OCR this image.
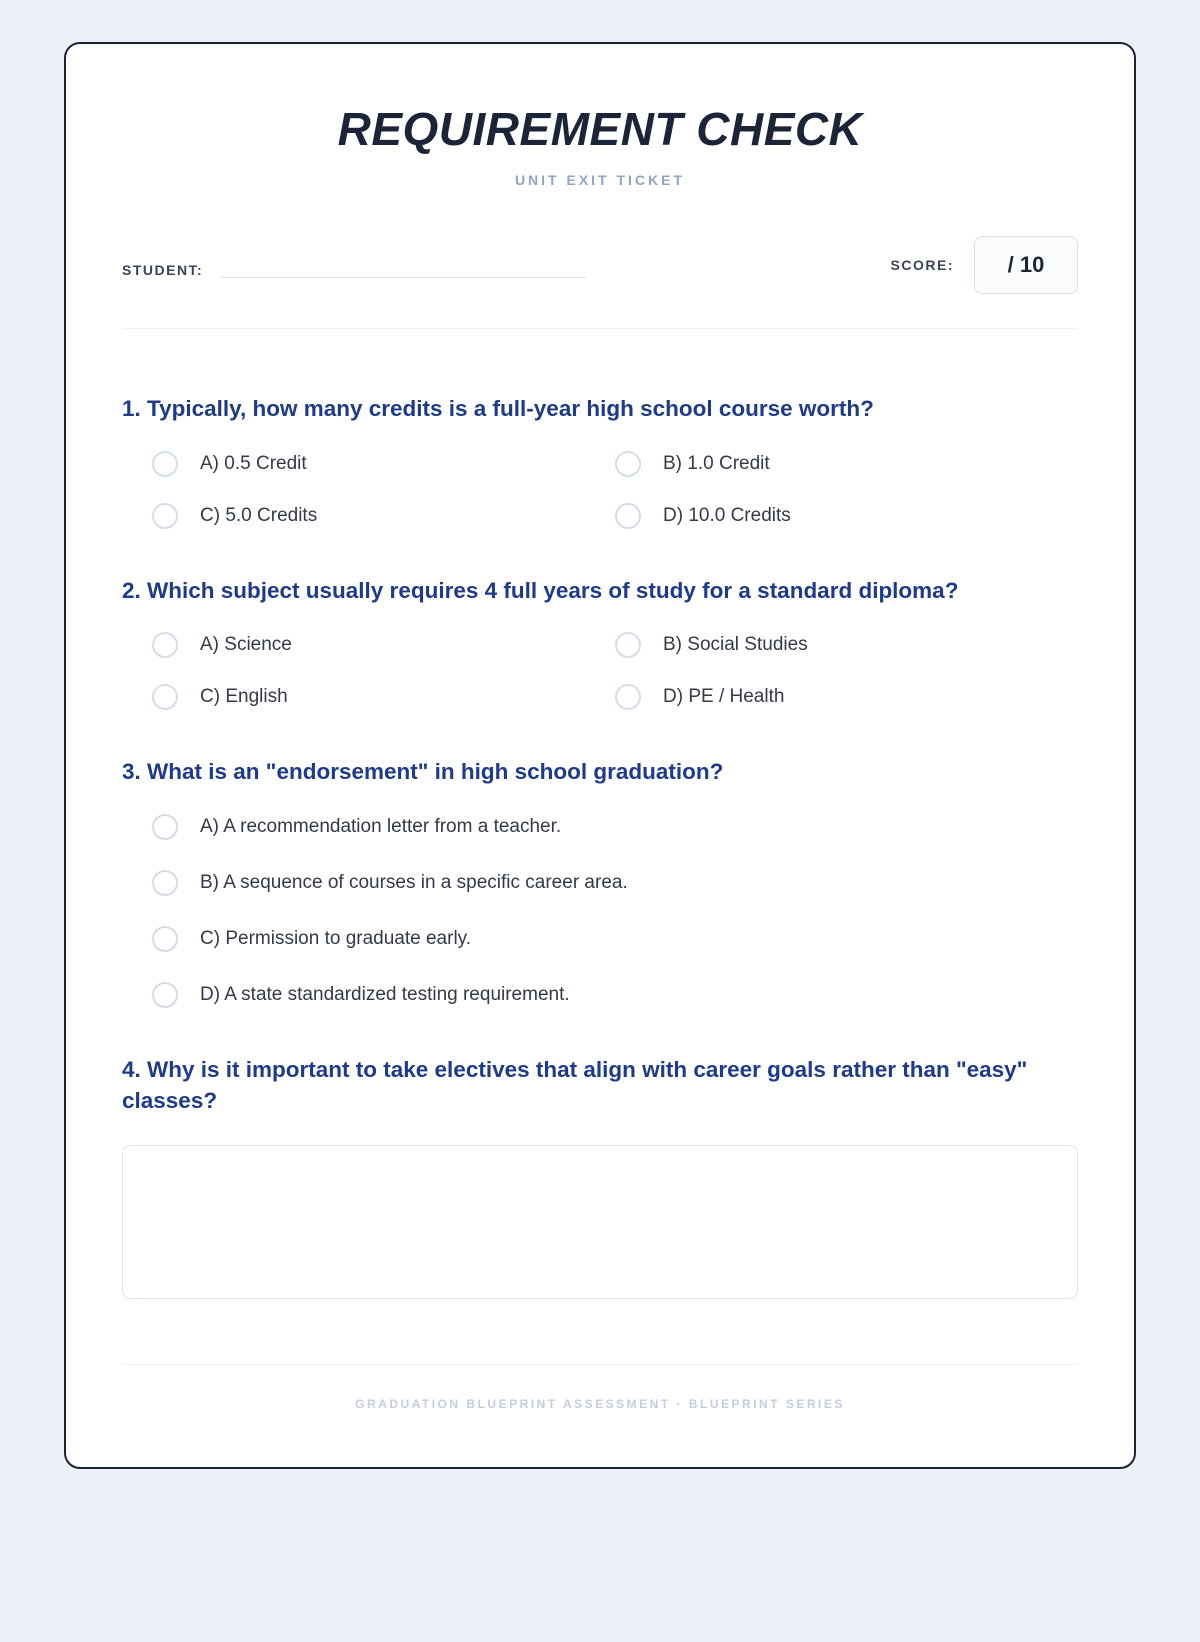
REQUIREMENT CHECK
UNIT EXIT TICKET
STUDENT:	SCORE: / 10
1. Typically, how many credits is a full-year high school course worth?
A) 0.5 Credit	B) 1.0 Credit
C) 5.0 Credits	D) 10.0 Credits
2. Which subject usually requires 4 full years of study for a standard diploma?
A) Science	B) Social Studies
C) English	D) PE / Health
3. What is an "endorsement" in high school graduation?
A) A recommendation letter from a teacher.
B) A sequence of courses in a specific career area.
C) Permission to graduate early.
D) A state standardized testing requirement.
4. Why is it important to take electives that align with career goals rather than "easy" classes?
GRADUATION BLUEPRINT ASSESSMENT · BLUEPRINT SERIES
